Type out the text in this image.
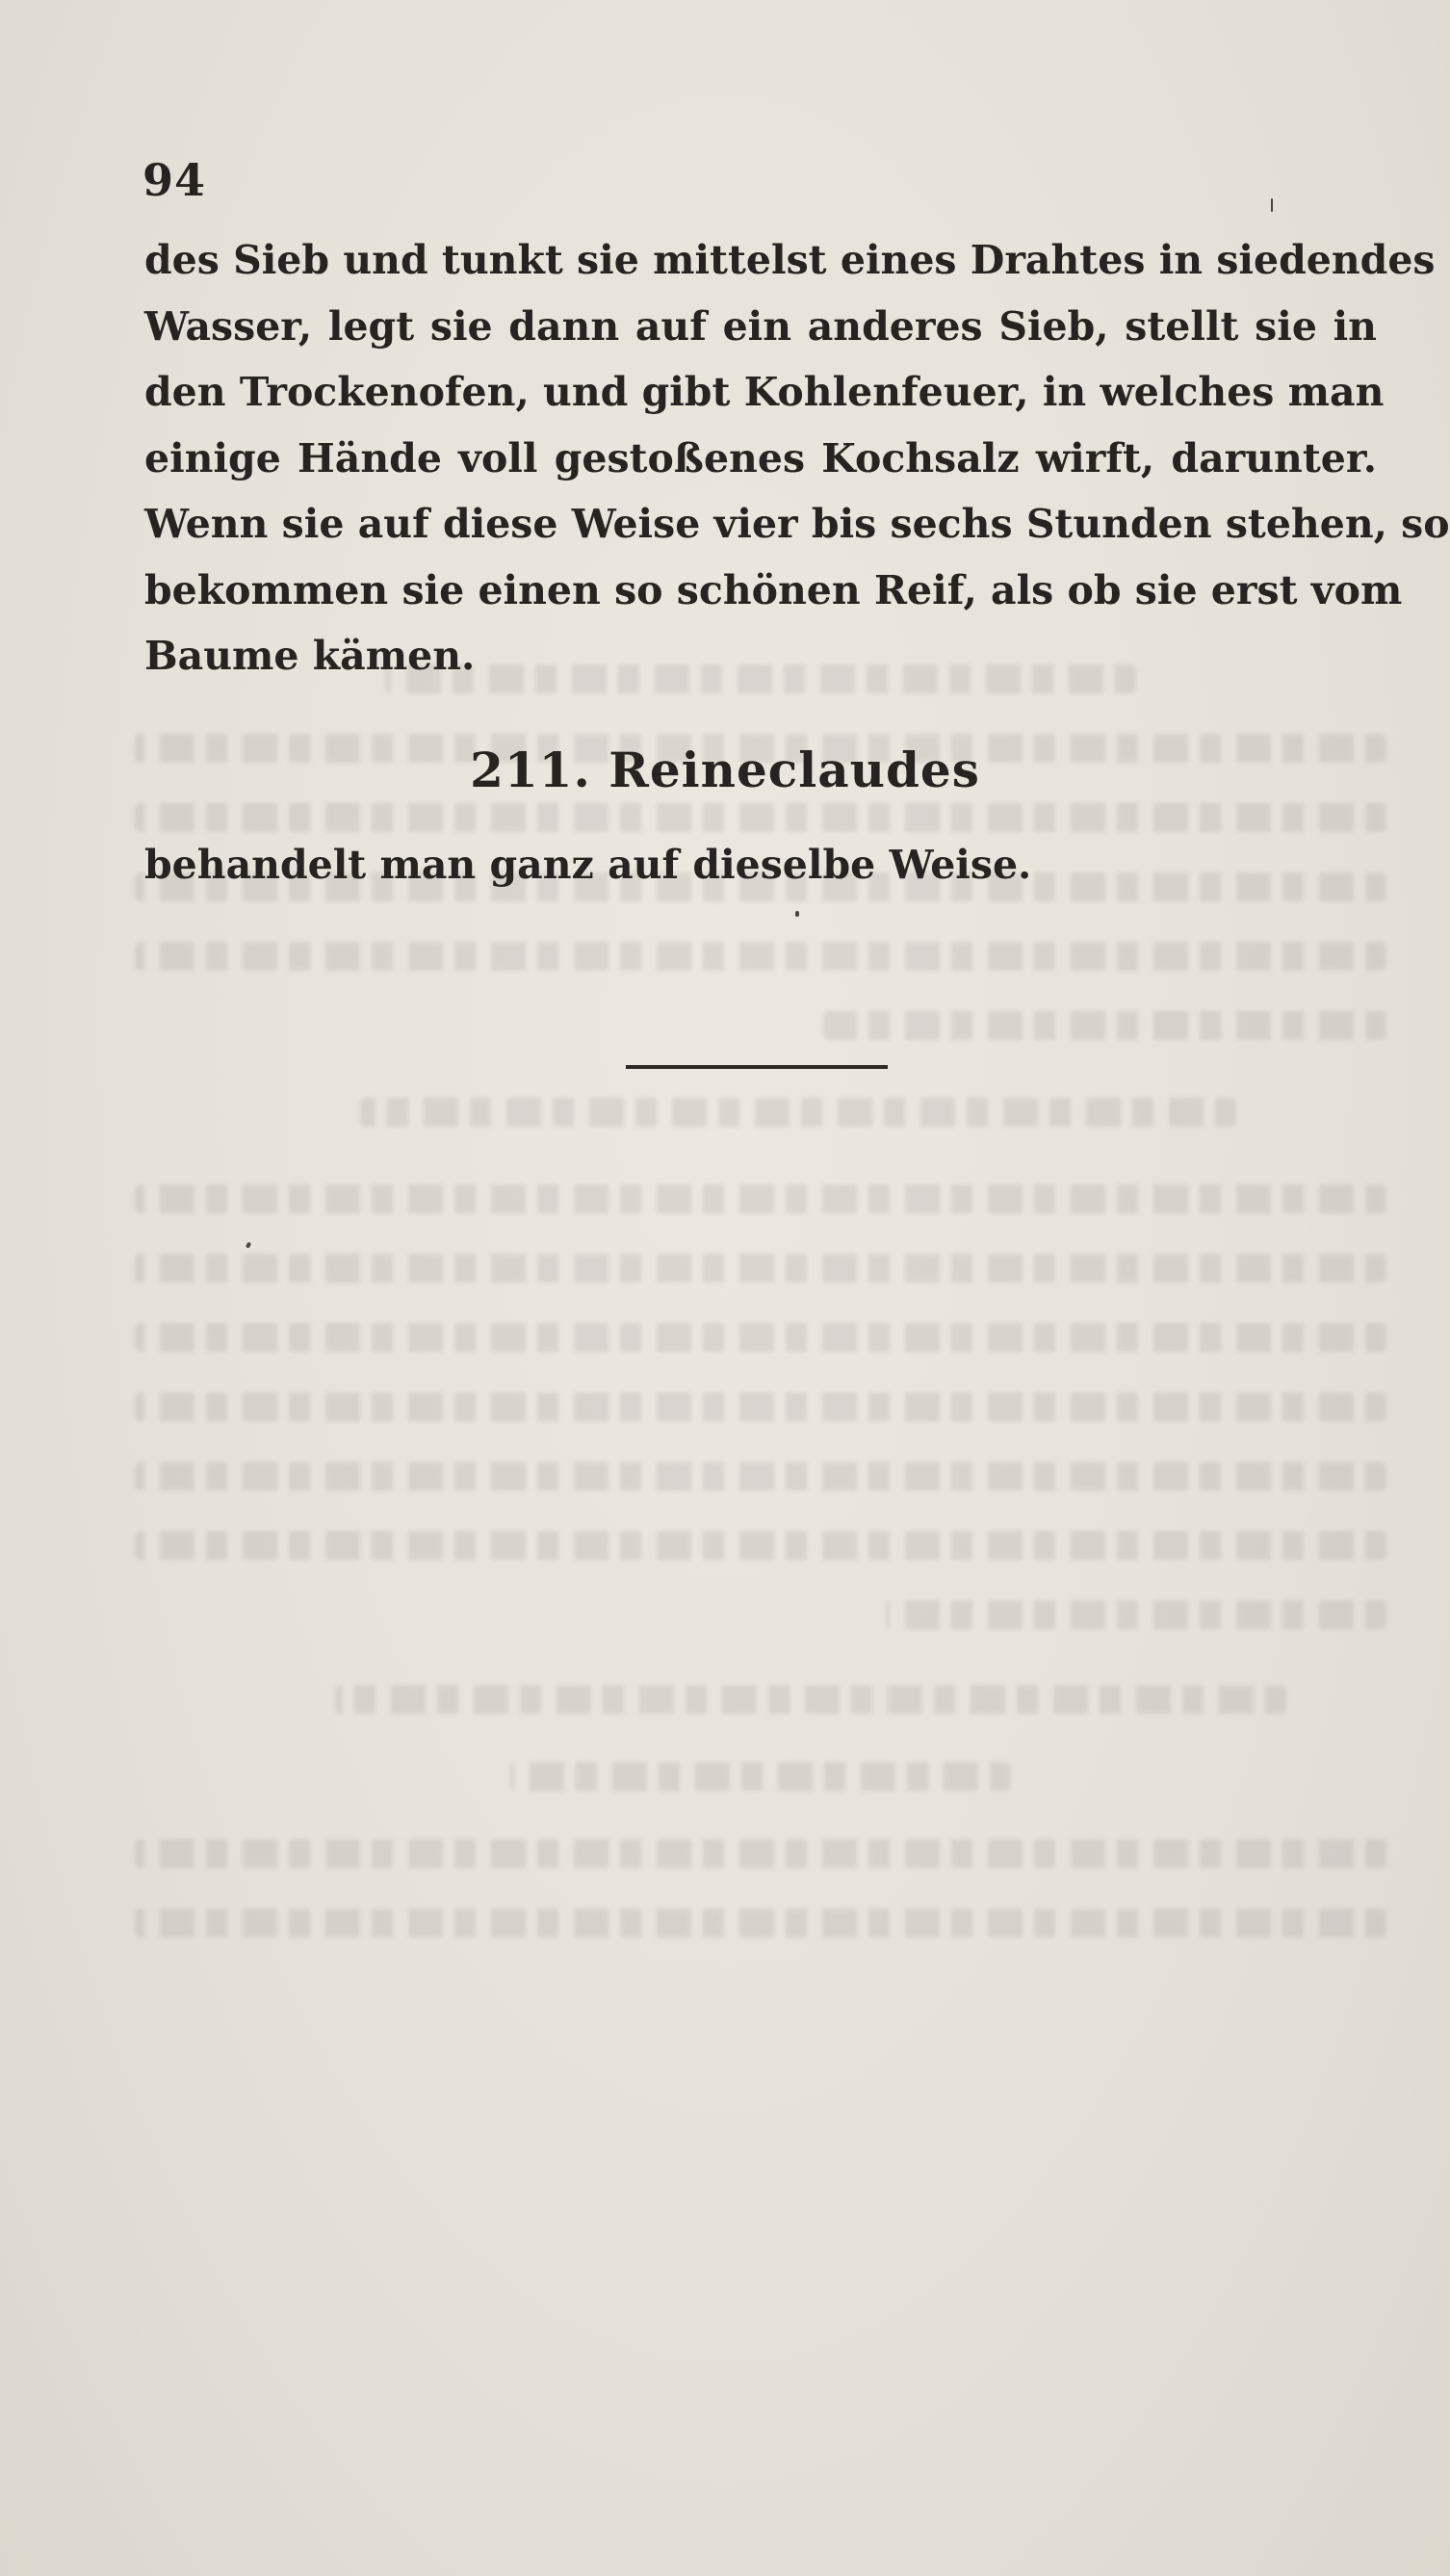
94
des Sieb und tunkt sie mittelst eines Drahtes in siedendes
Wasser, legt sie dann auf ein anderes Sieb, stellt sie in
den Trockenofen, und gibt Kohlenfeuer, in welches man
einige Hände voll gestoßenes Kochsalz wirft, darunter.
Wenn sie auf diese Weise vier bis sechs Stunden stehen, so
bekommen sie einen so schönen Reif, als ob sie erst vom
Baume kämen.
211. Reineclaudes
behandelt man ganz auf dieselbe Weise.
